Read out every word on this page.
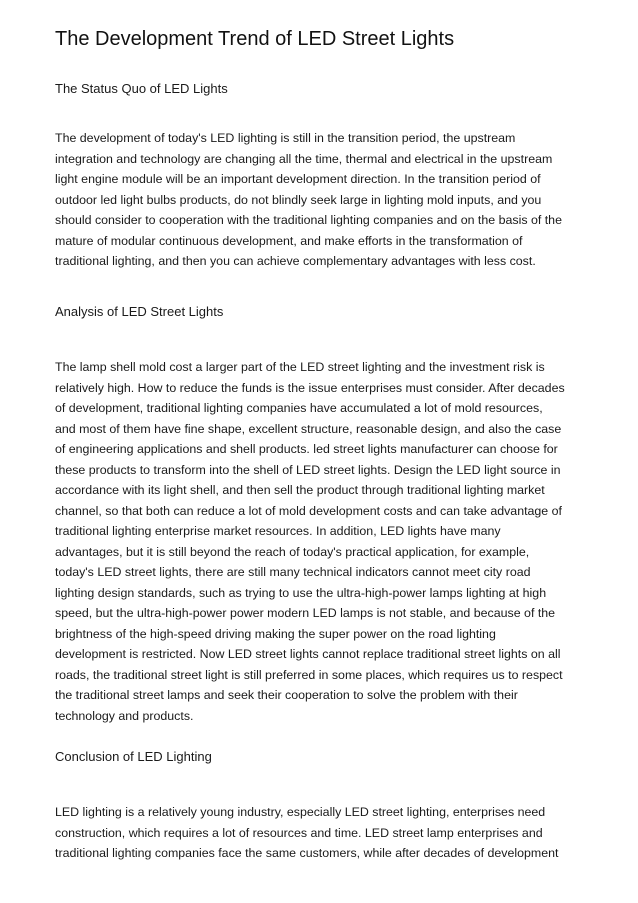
The Development Trend of LED Street Lights
The Status Quo of LED Lights

The development of today's LED lighting is still in the transition period, the upstream
integration and technology are changing all the time, thermal and electrical in the upstream
light engine module will be an important development direction. In the transition period of
outdoor led light bulbs products, do not blindly seek large in lighting mold inputs, and you
should consider to cooperation with the traditional lighting companies and on the basis of the
mature of modular continuous development, and make efforts in the transformation of
traditional lighting, and then you can achieve complementary advantages with less cost.

Analysis of LED Street Lights

The lamp shell mold cost a larger part of the LED street lighting and the investment risk is
relatively high. How to reduce the funds is the issue enterprises must consider. After decades
of development, traditional lighting companies have accumulated a lot of mold resources,
and most of them have fine shape, excellent structure, reasonable design, and also the case
of engineering applications and shell products. led street lights manufacturer can choose for
these products to transform into the shell of LED street lights. Design the LED light source in
accordance with its light shell, and then sell the product through traditional lighting market
channel, so that both can reduce a lot of mold development costs and can take advantage of
traditional lighting enterprise market resources. In addition, LED lights have many
advantages, but it is still beyond the reach of today's practical application, for example,
today's LED street lights, there are still many technical indicators cannot meet city road
lighting design standards, such as trying to use the ultra-high-power lamps lighting at high
speed, but the ultra-high-power power modern LED lamps is not stable, and because of the
brightness of the high-speed driving making the super power on the road lighting
development is restricted. Now LED street lights cannot replace traditional street lights on all
roads, the traditional street light is still preferred in some places, which requires us to respect
the traditional street lamps and seek their cooperation to solve the problem with their
technology and products.

Conclusion of LED Lighting

LED lighting is a relatively young industry, especially LED street lighting, enterprises need
construction, which requires a lot of resources and time. LED street lamp enterprises and
traditional lighting companies face the same customers, while after decades of development
